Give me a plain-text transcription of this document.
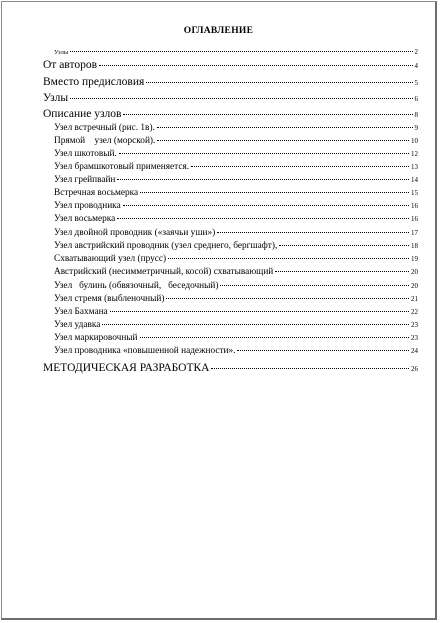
ОГЛАВЛЕНИЕ
Узлы	2
От авторов	4
Вместо предисловия	5
Узлы	6
Описание узлов	8
Узел встречный (рис. 1в).	9
Прямой    узел (морской).	10
Узел шкотовый.	12
Узел брамшкотовый применяется.	13
Узел грейпвайн	14
Встречная восьмерка	15
Узел проводника	16
Узел восьмерка	16
Узел двойной проводник («заячьи уши»)	17
Узел австрийский проводник (узел среднего, бергшафт),	18
Схватывающий узел (прусс)	19
Австрийский (несимметричный, косой) схватывающий	20
Узел   булинь (обвязочный,   беседочный)	20
Узел стремя (выбленочный)	21
Узел Бахмана	22
Узел удавка	23
Узел маркировочный	23
Узел проводника «повышенной надежности».	24
МЕТОДИЧЕСКАЯ РАЗРАБОТКА	26
